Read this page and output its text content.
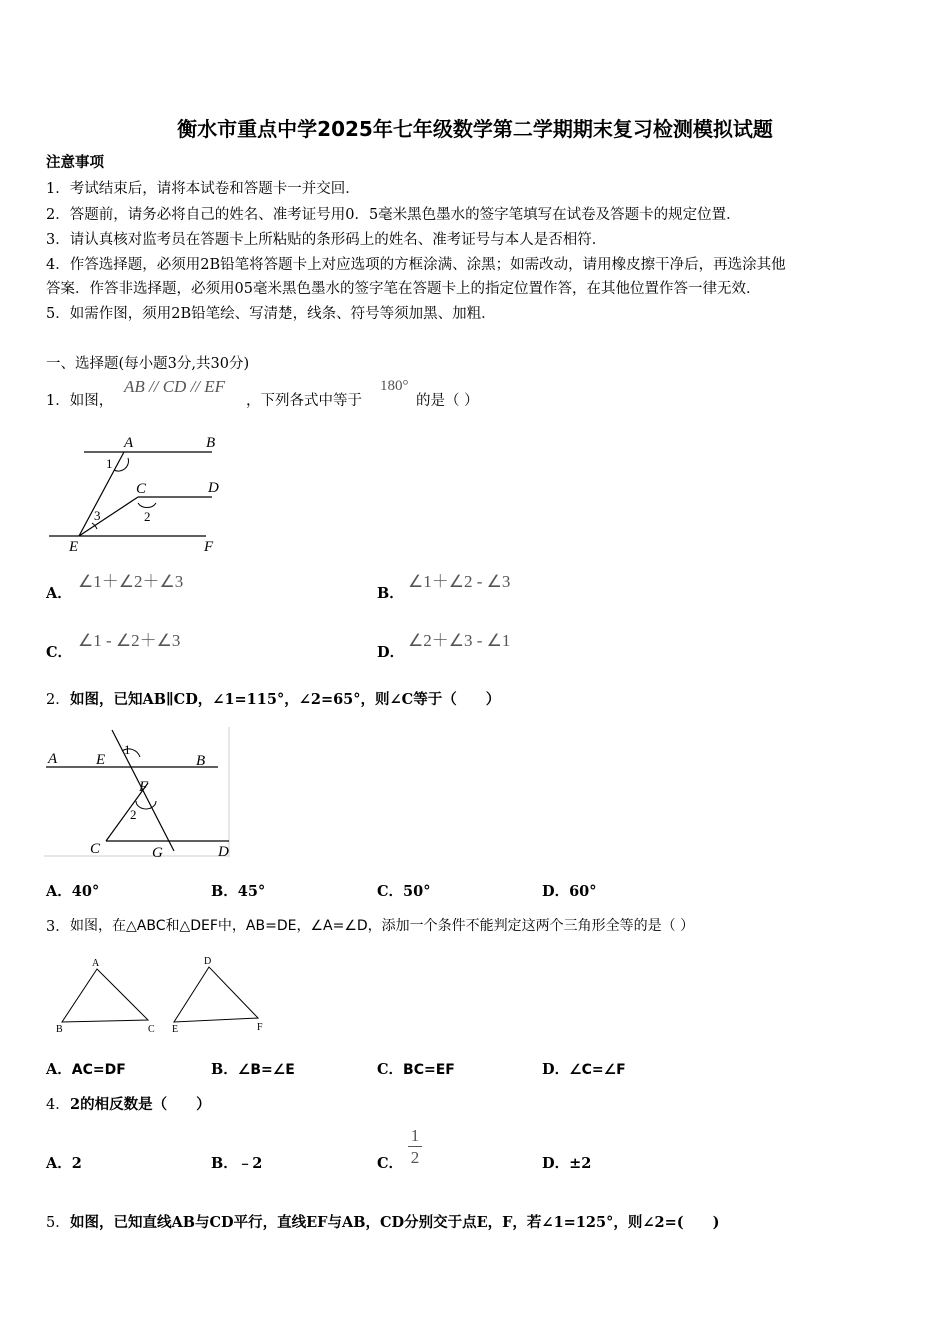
衡水市重点中学2025年七年级数学第二学期期末复习检测模拟试题
注意事项
1．考试结束后，请将本试卷和答题卡一并交回．
2．答题前，请务必将自己的姓名、准考证号用0．5毫米黑色墨水的签字笔填写在试卷及答题卡的规定位置．
3．请认真核对监考员在答题卡上所粘贴的条形码上的姓名、准考证号与本人是否相符．
4．作答选择题，必须用2B铅笔将答题卡上对应选项的方框涂满、涂黑；如需改动，请用橡皮擦干净后，再选涂其他
答案．作答非选择题，必须用05毫米黑色墨水的签字笔在答题卡上的指定位置作答，在其他位置作答一律无效．
5．如需作图，须用2B铅笔绘、写清楚，线条、符号等须加黑、加粗．
一、选择题(每小题3分,共30分)
1．如图，
AB // CD // EF
，下列各式中等于
180°
的是（ ）
A	B
C	D
E	F
1
2
3
A．
∠1＋∠2＋∠3
B．
∠1＋∠2 - ∠3
C．
∠1 - ∠2＋∠3
D．
∠2＋∠3 - ∠1
2． 如图，已知AB∥CD，∠1=115°，∠2=65°，则∠C等于（　　）
A	E	B
F
C	G	D
1
2
A．40°	B．45°	C．50°	D．60°
3． 如图，在△ABC和△DEF中，AB=DE，∠A=∠D，添加一个条件不能判定这两个三角形全等的是（ ）
A
B	C
D
E	F
A．AC=DF	B．∠B=∠E	C．BC=EF	D．∠C=∠F
4． 2的相反数是（　　）
A．2	B．﹣2	C．
1
2	D．±2
5． 如图，已知直线AB与CD平行，直线EF与AB，CD分别交于点E，F，若∠1=125°，则∠2=(　　)
